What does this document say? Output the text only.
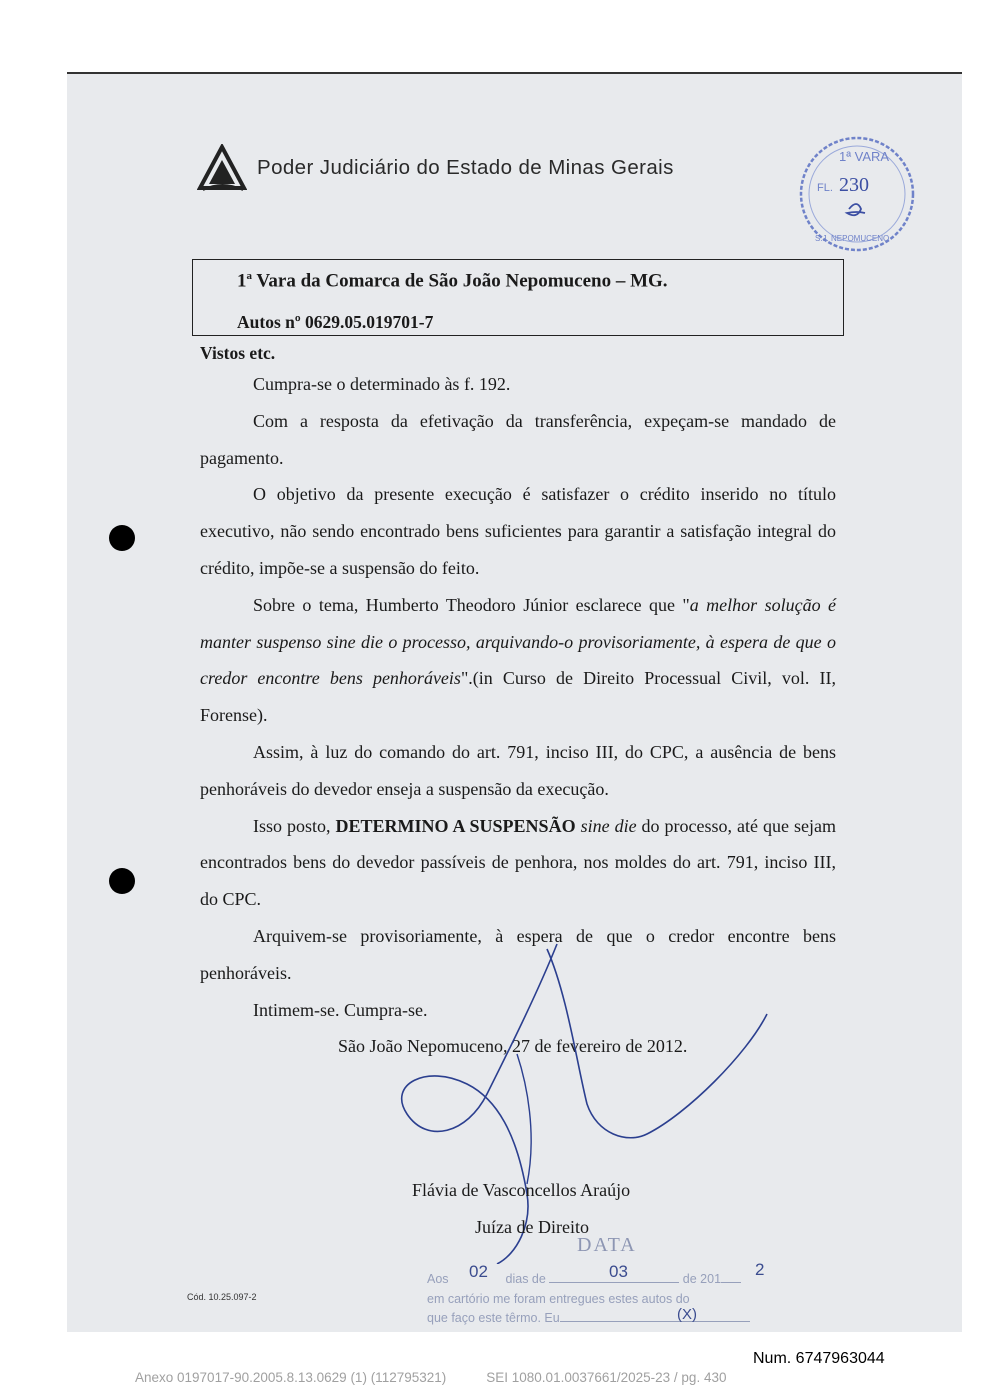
Poder Judiciário do Estado de Minas Gerais	1ª VARA
FL. 230
S.J. NEPOMUCENO
1$^a$ Vara da Comarca de São João Nepomuceno – MG.
Autos nº 0629.05.019701-7
Vistos etc.
Cumpra-se o determinado às f. 192.
Com a resposta da efetivação da transferência, expeçam-se mandado de pagamento.
O objetivo da presente execução é satisfazer o crédito inserido no título executivo, não sendo encontrado bens suficientes para garantir a satisfação integral do crédito, impõe-se a suspensão do feito.
Sobre o tema, Humberto Theodoro Júnior esclarece que "a melhor solução é manter suspenso sine die o processo, arquivando-o provisoriamente, à espera de que o credor encontre bens penhoráveis".(in Curso de Direito Processual Civil, vol. II, Forense).
Assim, à luz do comando do art. 791, inciso III, do CPC, a ausência de bens penhoráveis do devedor enseja a suspensão da execução.
Isso posto, DETERMINO A SUSPENSÃO sine die do processo, até que sejam encontrados bens do devedor passíveis de penhora, nos moldes do art. 791, inciso III, do CPC.
Arquivem-se provisoriamente, à espera de que o credor encontre bens penhoráveis.
Intimem-se. Cumpra-se.
São João Nepomuceno, 27 de fevereiro de 2012.
Flávia de Vasconcellos Araújo
Juíza de Direito
DATA
Aos	dias de	de 201
02	03	2
em cartório me foram entregues estes autos do
que faço este têrmo. Eu	(X)
Cód. 10.25.097-2
Num. 6747963044
Anexo 0197017-90.2005.8.13.0629 (1) (112795321)	SEI 1080.01.0037661/2025-23 / pg. 430
